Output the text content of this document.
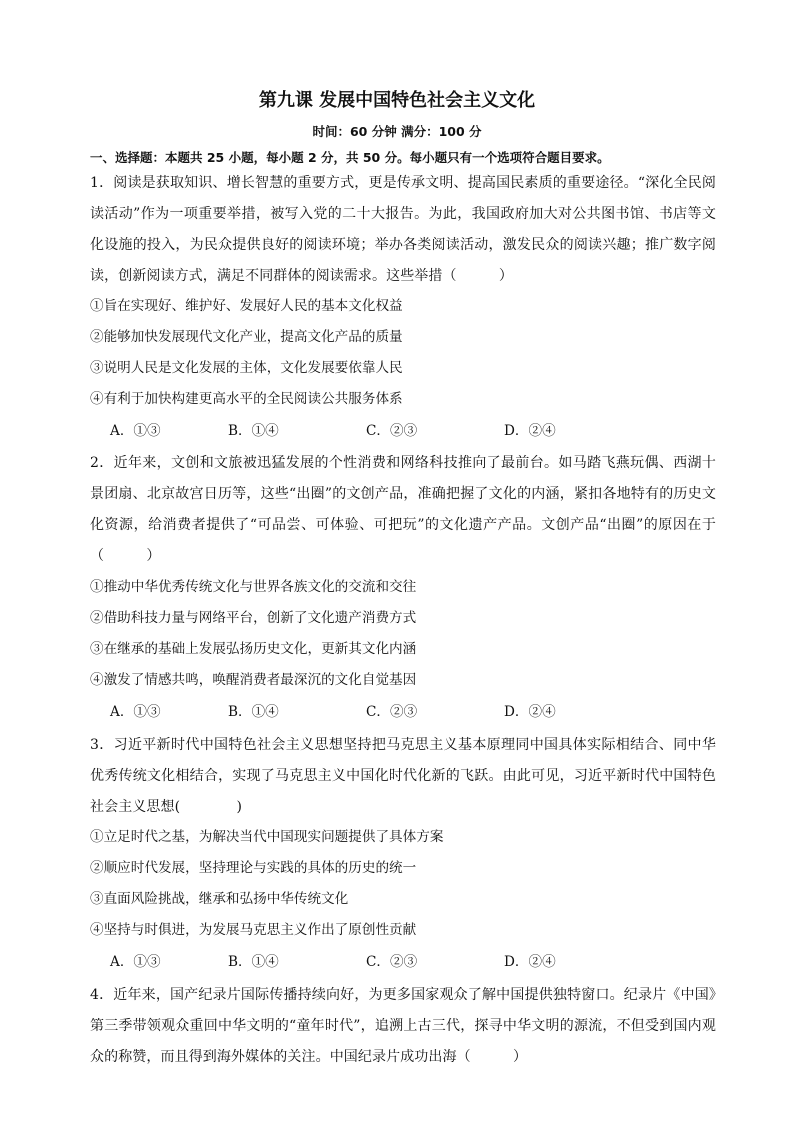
第九课 发展中国特色社会主义文化
时间：60 分钟 满分：100 分
一、选择题：本题共 25 小题，每小题 2 分，共 50 分。每小题只有一个选项符合题目要求。
1．阅读是获取知识、增长智慧的重要方式，更是传承文明、提高国民素质的重要途径。“深化全民阅读活动”作为一项重要举措，被写入党的二十大报告。为此，我国政府加大对公共图书馆、书店等文化设施的投入，为民众提供良好的阅读环境；举办各类阅读活动，激发民众的阅读兴趣；推广数字阅读，创新阅读方式，满足不同群体的阅读需求。这些举措（　　　）
①旨在实现好、维护好、发展好人民的基本文化权益
②能够加快发展现代文化产业，提高文化产品的质量
③说明人民是文化发展的主体，文化发展要依靠人民
④有利于加快构建更高水平的全民阅读公共服务体系
A．①③	B．①④	C．②③	D．②④
2．近年来，文创和文旅被迅猛发展的个性消费和网络科技推向了最前台。如马踏飞燕玩偶、西湖十景团扇、北京故宫日历等，这些“出圈”的文创产品，准确把握了文化的内涵，紧扣各地特有的历史文化资源，给消费者提供了“可品尝、可体验、可把玩”的文化遗产产品。文创产品“出圈”的原因在于（　　　）
①推动中华优秀传统文化与世界各族文化的交流和交往
②借助科技力量与网络平台，创新了文化遗产消费方式
③在继承的基础上发展弘扬历史文化，更新其文化内涵
④激发了情感共鸣，唤醒消费者最深沉的文化自觉基因
A．①③	B．①④	C．②③	D．②④
3．习近平新时代中国特色社会主义思想坚持把马克思主义基本原理同中国具体实际相结合、同中华优秀传统文化相结合，实现了马克思主义中国化时代化新的飞跃。由此可见，习近平新时代中国特色社会主义思想(　　　　)
①立足时代之基，为解决当代中国现实问题提供了具体方案
②顺应时代发展，坚持理论与实践的具体的历史的统一
③直面风险挑战，继承和弘扬中华传统文化
④坚持与时俱进，为发展马克思主义作出了原创性贡献
A．①③	B．①④	C．②③	D．②④
4．近年来，国产纪录片国际传播持续向好，为更多国家观众了解中国提供独特窗口。纪录片《中国》第三季带领观众重回中华文明的“童年时代”，追溯上古三代，探寻中华文明的源流，不但受到国内观众的称赞，而且得到海外媒体的关注。中国纪录片成功出海（　　　）
